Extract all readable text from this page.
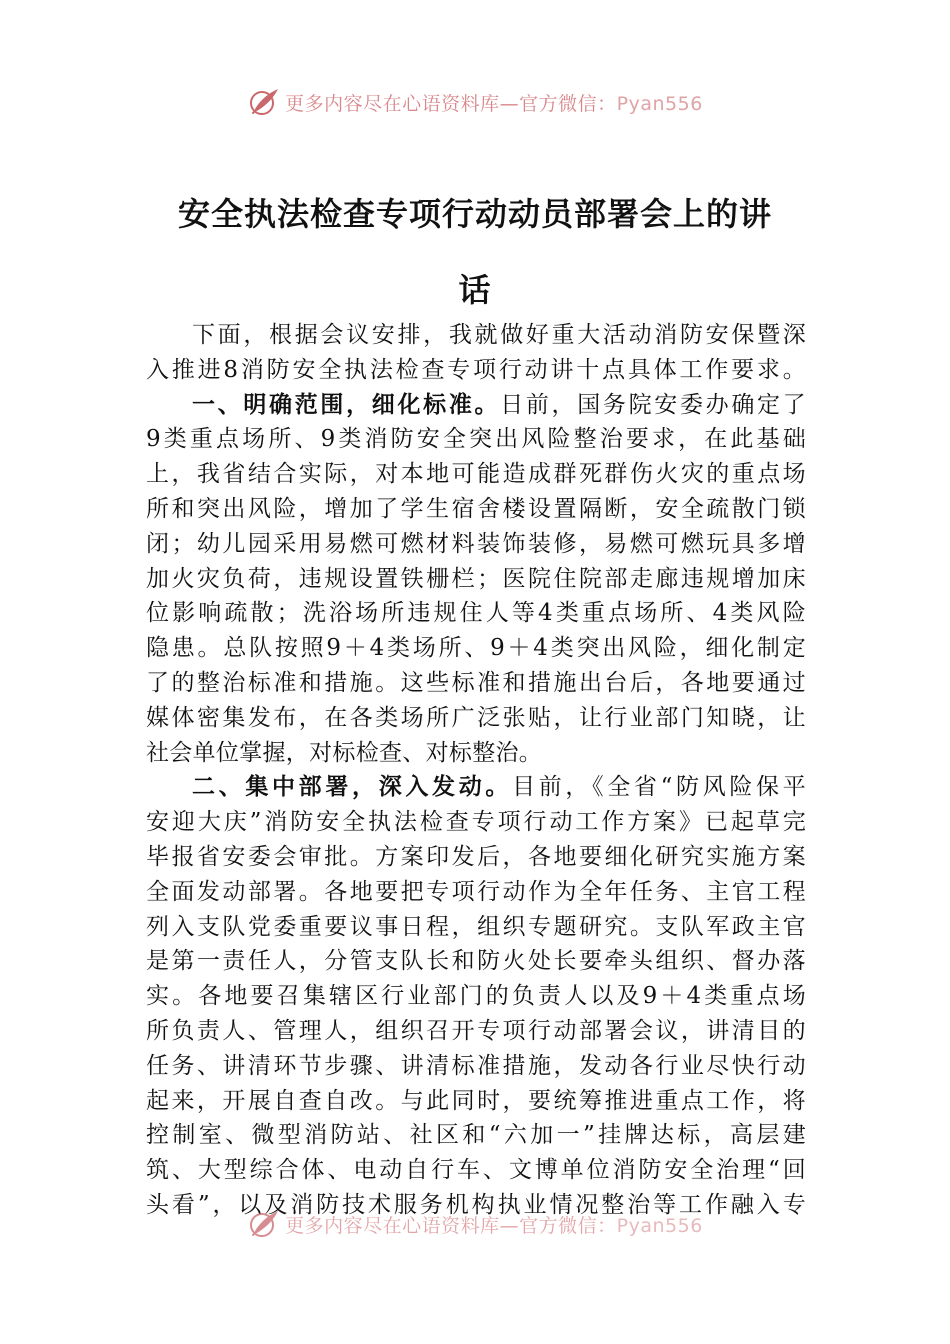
更多内容尽在心语资料库—官方微信：Pyan556
安全执法检查专项行动动员部署会上的讲
话
下面，根据会议安排，我就做好重大活动消防安保暨深
入推进8消防安全执法检查专项行动讲十点具体工作要求。
一、明确范围，细化标准。日前，国务院安委办确定了
9类重点场所、9类消防安全突出风险整治要求，在此基础
上，我省结合实际，对本地可能造成群死群伤火灾的重点场
所和突出风险，增加了学生宿舍楼设置隔断，安全疏散门锁
闭；幼儿园采用易燃可燃材料装饰装修，易燃可燃玩具多增
加火灾负荷，违规设置铁栅栏；医院住院部走廊违规增加床
位影响疏散；洗浴场所违规住人等4类重点场所、4类风险
隐患。总队按照9＋4类场所、9＋4类突出风险，细化制定
了的整治标准和措施。这些标准和措施出台后，各地要通过
媒体密集发布，在各类场所广泛张贴，让行业部门知晓，让
社会单位掌握，对标检查、对标整治。
二、集中部署，深入发动。目前，《全省“防风险保平
安迎大庆”消防安全执法检查专项行动工作方案》已起草完
毕报省安委会审批。方案印发后，各地要细化研究实施方案
全面发动部署。各地要把专项行动作为全年任务、主官工程
列入支队党委重要议事日程，组织专题研究。支队军政主官
是第一责任人，分管支队长和防火处长要牵头组织、督办落
实。各地要召集辖区行业部门的负责人以及9＋4类重点场
所负责人、管理人，组织召开专项行动部署会议，讲清目的
任务、讲清环节步骤、讲清标准措施，发动各行业尽快行动
起来，开展自查自改。与此同时，要统筹推进重点工作，将
控制室、微型消防站、社区和“六加一”挂牌达标，高层建
筑、大型综合体、电动自行车、文博单位消防安全治理“回
头看”，以及消防技术服务机构执业情况整治等工作融入专
更多内容尽在心语资料库—官方微信：Pyan556
